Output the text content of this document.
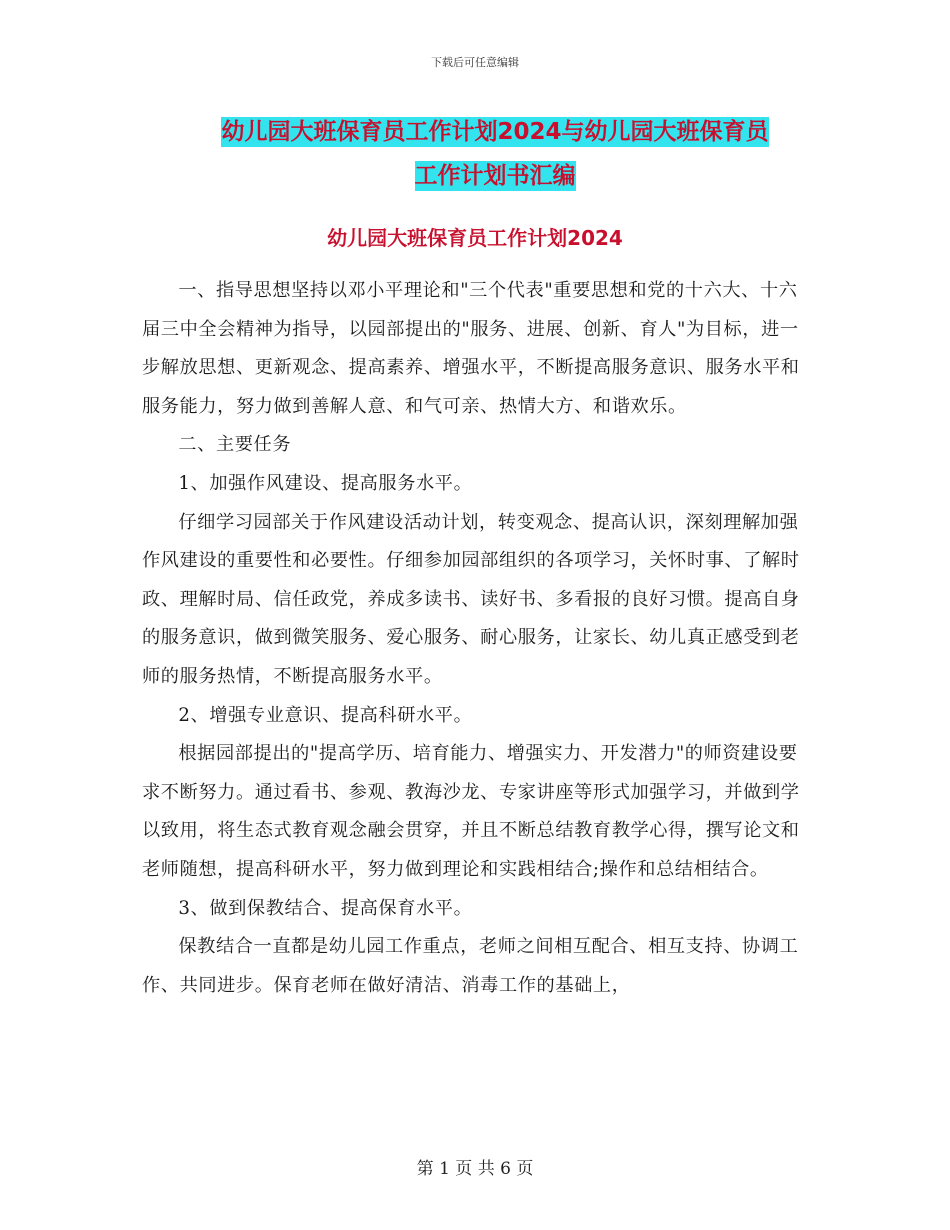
下载后可任意编辑
幼儿园大班保育员工作计划2024与幼儿园大班保育员
工作计划书汇编
幼儿园大班保育员工作计划2024

一、指导思想坚持以邓小平理论和"三个代表"重要思想和党的十六大、十六届三中全会精神为指导，以园部提出的"服务、进展、创新、育人"为目标，进一步解放思想、更新观念、提高素养、增强水平，不断提高服务意识、服务水平和服务能力，努力做到善解人意、和气可亲、热情大方、和谐欢乐。

二、主要任务

1、加强作风建设、提高服务水平。

仔细学习园部关于作风建设活动计划，转变观念、提高认识，深刻理解加强作风建设的重要性和必要性。仔细参加园部组织的各项学习，关怀时事、了解时政、理解时局、信任政党，养成多读书、读好书、多看报的良好习惯。提高自身的服务意识，做到微笑服务、爱心服务、耐心服务，让家长、幼儿真正感受到老师的服务热情，不断提高服务水平。

2、增强专业意识、提高科研水平。

根据园部提出的"提高学历、培育能力、增强实力、开发潜力"的师资建设要求不断努力。通过看书、参观、教海沙龙、专家讲座等形式加强学习，并做到学以致用，将生态式教育观念融会贯穿，并且不断总结教育教学心得，撰写论文和老师随想，提高科研水平，努力做到理论和实践相结合;操作和总结相结合。

3、做到保教结合、提高保育水平。

保教结合一直都是幼儿园工作重点，老师之间相互配合、相互支持、协调工作、共同进步。保育老师在做好清洁、消毒工作的基础上，

第 1 页 共 6 页
